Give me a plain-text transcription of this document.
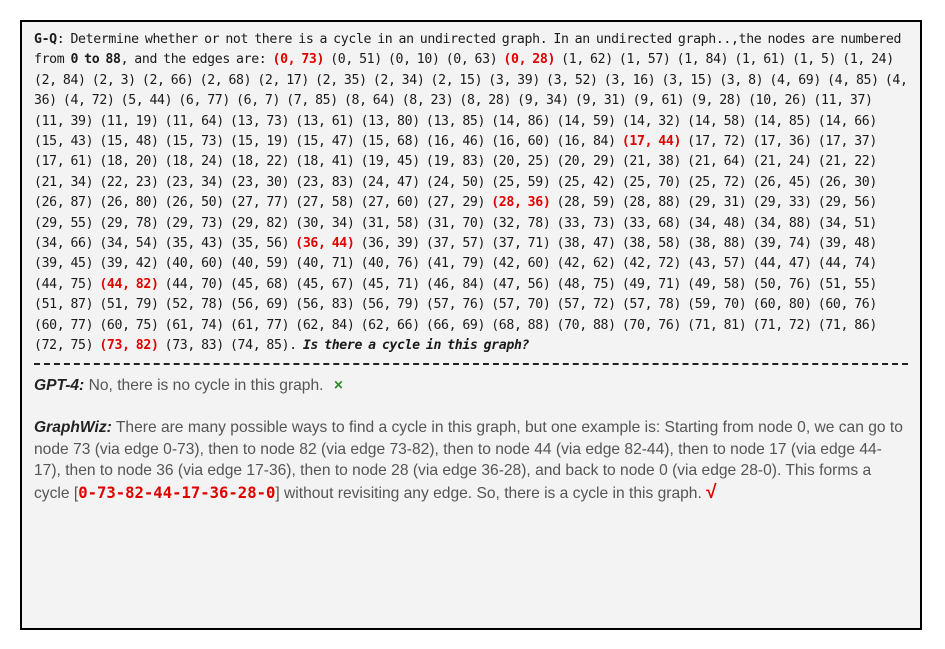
G-Q: Determine whether or not there is a cycle in an undirected graph. In an undirected graph..,the nodes are numbered from 0 to 88, and the edges are: (0, 73) (0, 51) (0, 10) (0, 63) (0, 28) (1, 62) (1, 57) (1, 84) (1, 61) (1, 5) (1, 24) (2, 84) (2, 3) (2, 66) (2, 68) (2, 17) (2, 35) (2, 34) (2, 15) (3, 39) (3, 52) (3, 16) (3, 15) (3, 8) (4, 69) (4, 85) (4, 36) (4, 72) (5, 44) (6, 77) (6, 7) (7, 85) (8, 64) (8, 23) (8, 28) (9, 34) (9, 31) (9, 61) (9, 28) (10, 26) (11, 37) (11, 39) (11, 19) (11, 64) (13, 73) (13, 61) (13, 80) (13, 85) (14, 86) (14, 59) (14, 32) (14, 58) (14, 85) (14, 66) (15, 43) (15, 48) (15, 73) (15, 19) (15, 47) (15, 68) (16, 46) (16, 60) (16, 84) (17, 44) (17, 72) (17, 36) (17, 37) (17, 61) (18, 20) (18, 24) (18, 22) (18, 41) (19, 45) (19, 83) (20, 25) (20, 29) (21, 38) (21, 64) (21, 24) (21, 22) (21, 34) (22, 23) (23, 34) (23, 30) (23, 83) (24, 47) (24, 50) (25, 59) (25, 42) (25, 70) (25, 72) (26, 45) (26, 30) (26, 87) (26, 80) (26, 50) (27, 77) (27, 58) (27, 60) (27, 29) (28, 36) (28, 59) (28, 88) (29, 31) (29, 33) (29, 56) (29, 55) (29, 78) (29, 73) (29, 82) (30, 34) (31, 58) (31, 70) (32, 78) (33, 73) (33, 68) (34, 48) (34, 88) (34, 51) (34, 66) (34, 54) (35, 43) (35, 56) (36, 44) (36, 39) (37, 57) (37, 71) (38, 47) (38, 58) (38, 88) (39, 74) (39, 48) (39, 45) (39, 42) (40, 60) (40, 59) (40, 71) (40, 76) (41, 79) (42, 60) (42, 62) (42, 72) (43, 57) (44, 47) (44, 74) (44, 75) (44, 82) (44, 70) (45, 68) (45, 67) (45, 71) (46, 84) (47, 56) (48, 75) (49, 71) (49, 58) (50, 76) (51, 55) (51, 87) (51, 79) (52, 78) (56, 69) (56, 83) (56, 79) (57, 76) (57, 70) (57, 72) (57, 78) (59, 70) (60, 80) (60, 76) (60, 77) (60, 75) (61, 74) (61, 77) (62, 84) (62, 66) (66, 69) (68, 88) (70, 88) (70, 76) (71, 81) (71, 72) (71, 86) (72, 75) (73, 82) (73, 83) (74, 85). Is there a cycle in this graph?

GPT-4: No, there is no cycle in this graph. ×

GraphWiz: There are many possible ways to find a cycle in this graph, but one example is: Starting from node 0, we can go to node 73 (via edge 0-73), then to node 82 (via edge 73-82), then to node 44 (via edge 82-44), then to node 17 (via edge 44-17), then to node 36 (via edge 17-36), then to node 28 (via edge 36-28), and back to node 0 (via edge 28-0). This forms a cycle [0-73-82-44-17-36-28-0] without revisiting any edge. So, there is a cycle in this graph. √
